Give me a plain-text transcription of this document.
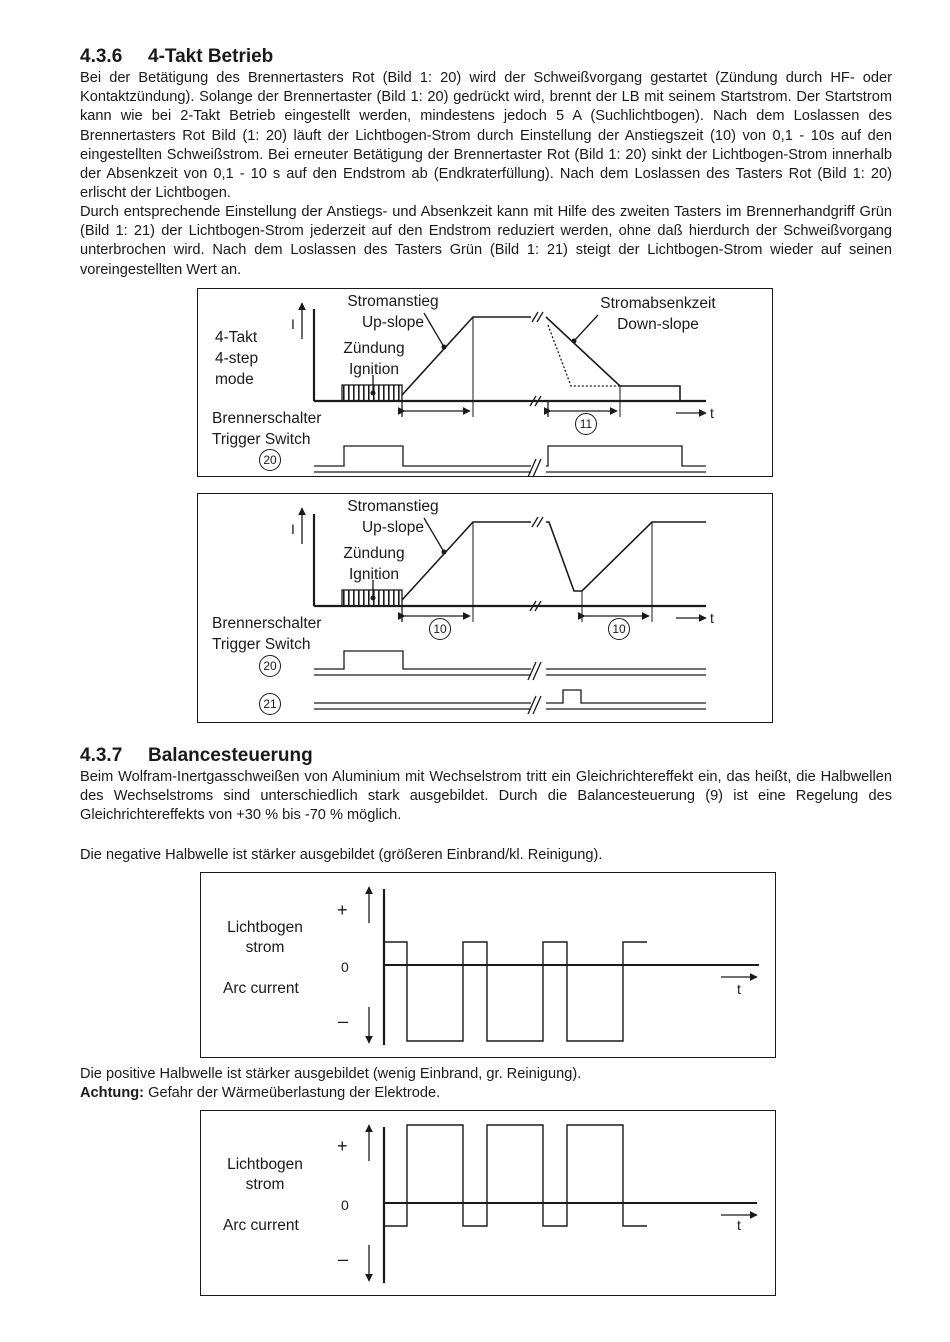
4.3.6 4-Takt Betrieb

Bei der Betätigung des Brennertasters Rot (Bild 1: 20) wird der Schweißvorgang gestartet (Zündung durch HF- oder Kontaktzündung). Solange der Brennertaster (Bild 1: 20) gedrückt wird, brennt der LB mit seinem Startstrom. Der Startstrom kann wie bei 2-Takt Betrieb eingestellt werden, mindestens jedoch 5 A (Suchlichtbogen). Nach dem Loslassen des Brennertasters Rot Bild (1: 20) läuft der Lichtbogen-Strom durch Einstellung der Anstiegszeit (10) von 0,1 - 10s auf den eingestellten Schweißstrom. Bei erneuter Betätigung der Brennertaster Rot (Bild 1: 20) sinkt der Lichtbogen-Strom innerhalb der Absenkzeit von 0,1 - 10 s auf den Endstrom ab (Endkraterfüllung). Nach dem Loslassen des Tasters Rot (Bild 1: 20) erlischt der Lichtbogen.

Durch entsprechende Einstellung der Anstiegs- und Absenkzeit kann mit Hilfe des zweiten Tasters im Brennerhandgriff Grün (Bild 1: 21) der Lichtbogen-Strom jederzeit auf den Endstrom reduziert werden, ohne daß hierdurch der Schweißvorgang unterbrochen wird. Nach dem Loslassen des Tasters Grün (Bild 1: 21) steigt der Lichtbogen-Strom wieder auf seinen voreingestellten Wert an.

4-Takt
4-step
mode
Stromanstieg
Up-slope
Zündung
Ignition
Stromabsenkzeit
Down-slope
I
t
Brennerschalter
Trigger Switch
20
11
Stromanstieg
Up-slope
Zündung
Ignition
I
t
Brennerschalter
Trigger Switch
20
21
10	10
4.3.7 Balancesteuerung

Beim Wolfram-Inertgasschweißen von Aluminium mit Wechselstrom tritt ein Gleichrichtereffekt ein, das heißt, die Halbwellen des Wechselstroms sind unterschiedlich stark ausgebildet. Durch die Balancesteuerung (9) ist eine Regelung des Gleichrichtereffekts von +30 % bis -70 % möglich.

Die negative Halbwelle ist stärker ausgebildet (größeren Einbrand/kl. Reinigung).

Lichtbogen
strom
Arc current
+
0
–
t

Die positive Halbwelle ist stärker ausgebildet (wenig Einbrand, gr. Reinigung).

Achtung: Gefahr der Wärmeüberlastung der Elektrode.

Lichtbogen
strom
Arc current
+
0
–
t
